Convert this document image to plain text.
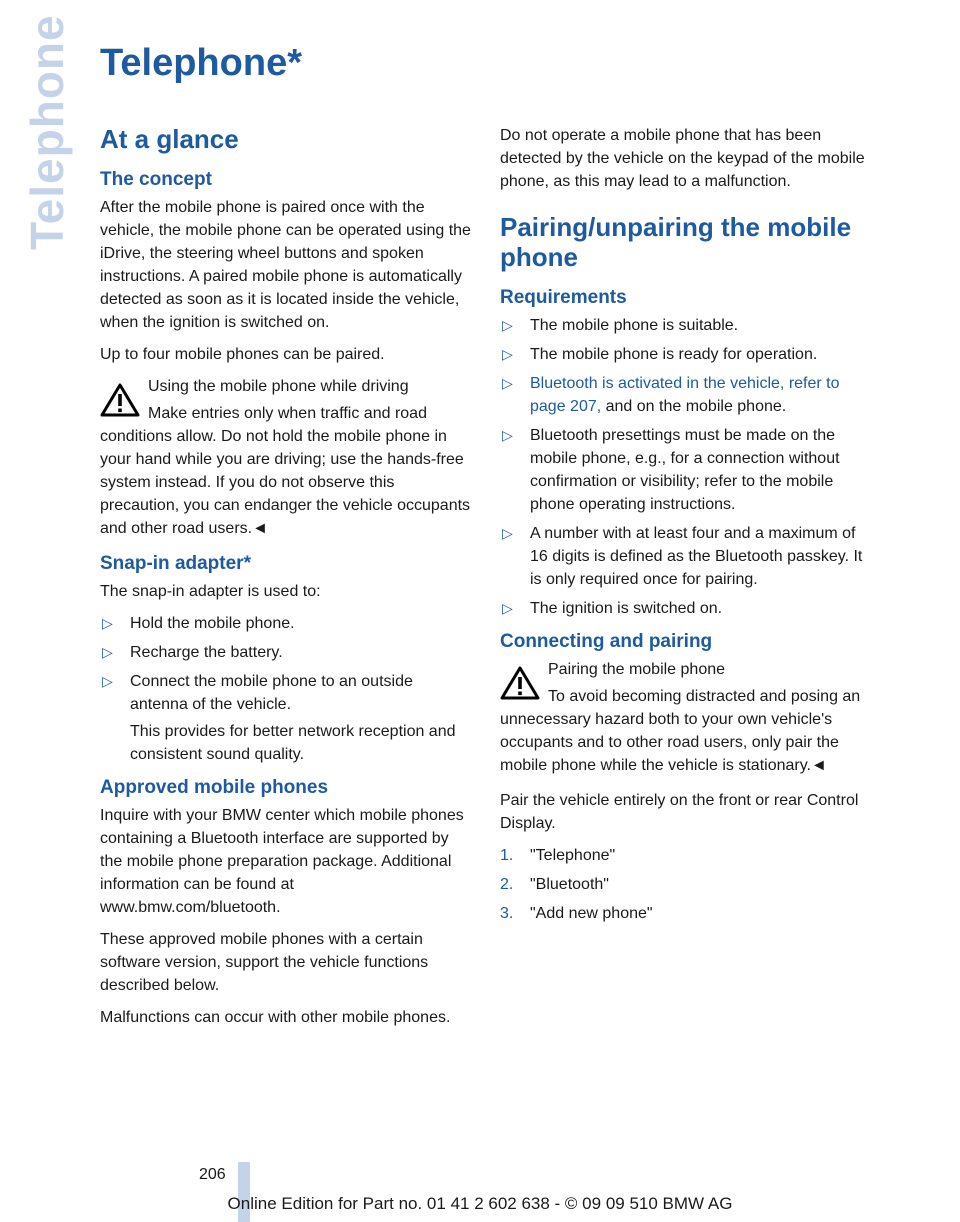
Telephone Telephone*
At a glance
The concept

After the mobile phone is paired once with the vehicle, the mobile phone can be operated using the iDrive, the steering wheel buttons and spoken instructions. A paired mobile phone is automatically detected as soon as it is located inside the vehicle, when the ignition is switched on.

Up to four mobile phones can be paired.

Using the mobile phone while driving
Make entries only when traffic and road conditions allow. Do not hold the mobile phone in your hand while you are driving; use the hands-free system instead. If you do not observe this precaution, you can endanger the vehicle occupants and other road users.◄
Snap-in adapter*

The snap-in adapter is used to:

▷ Hold the mobile phone.
▷ Recharge the battery.
▷ Connect the mobile phone to an outside antenna of the vehicle.
This provides for better network reception and consistent sound quality.
Approved mobile phones

Inquire with your BMW center which mobile phones containing a Bluetooth interface are supported by the mobile phone preparation package. Additional information can be found at www.bmw.com/bluetooth.

These approved mobile phones with a certain software version, support the vehicle functions described below.

Malfunctions can occur with other mobile phones.

Do not operate a mobile phone that has been detected by the vehicle on the keypad of the mobile phone, as this may lead to a malfunction.

Pairing/unpairing the mobile phone
Requirements
▷ The mobile phone is suitable.
▷ The mobile phone is ready for operation.
▷ Bluetooth is activated in the vehicle, refer to page 207, and on the mobile phone.
▷ Bluetooth presettings must be made on the mobile phone, e.g., for a connection without confirmation or visibility; refer to the mobile phone operating instructions.
▷ A number with at least four and a maximum of 16 digits is defined as the Bluetooth passkey. It is only required once for pairing.
▷ The ignition is switched on.
Connecting and pairing
Pairing the mobile phone
To avoid becoming distracted and posing an unnecessary hazard both to your own vehicle's occupants and to other road users, only pair the mobile phone while the vehicle is stationary.◄

Pair the vehicle entirely on the front or rear Control Display.

1. "Telephone"
2. "Bluetooth"
3. "Add new phone"
206
Online Edition for Part no. 01 41 2 602 638 - © 09 09 510 BMW AG
